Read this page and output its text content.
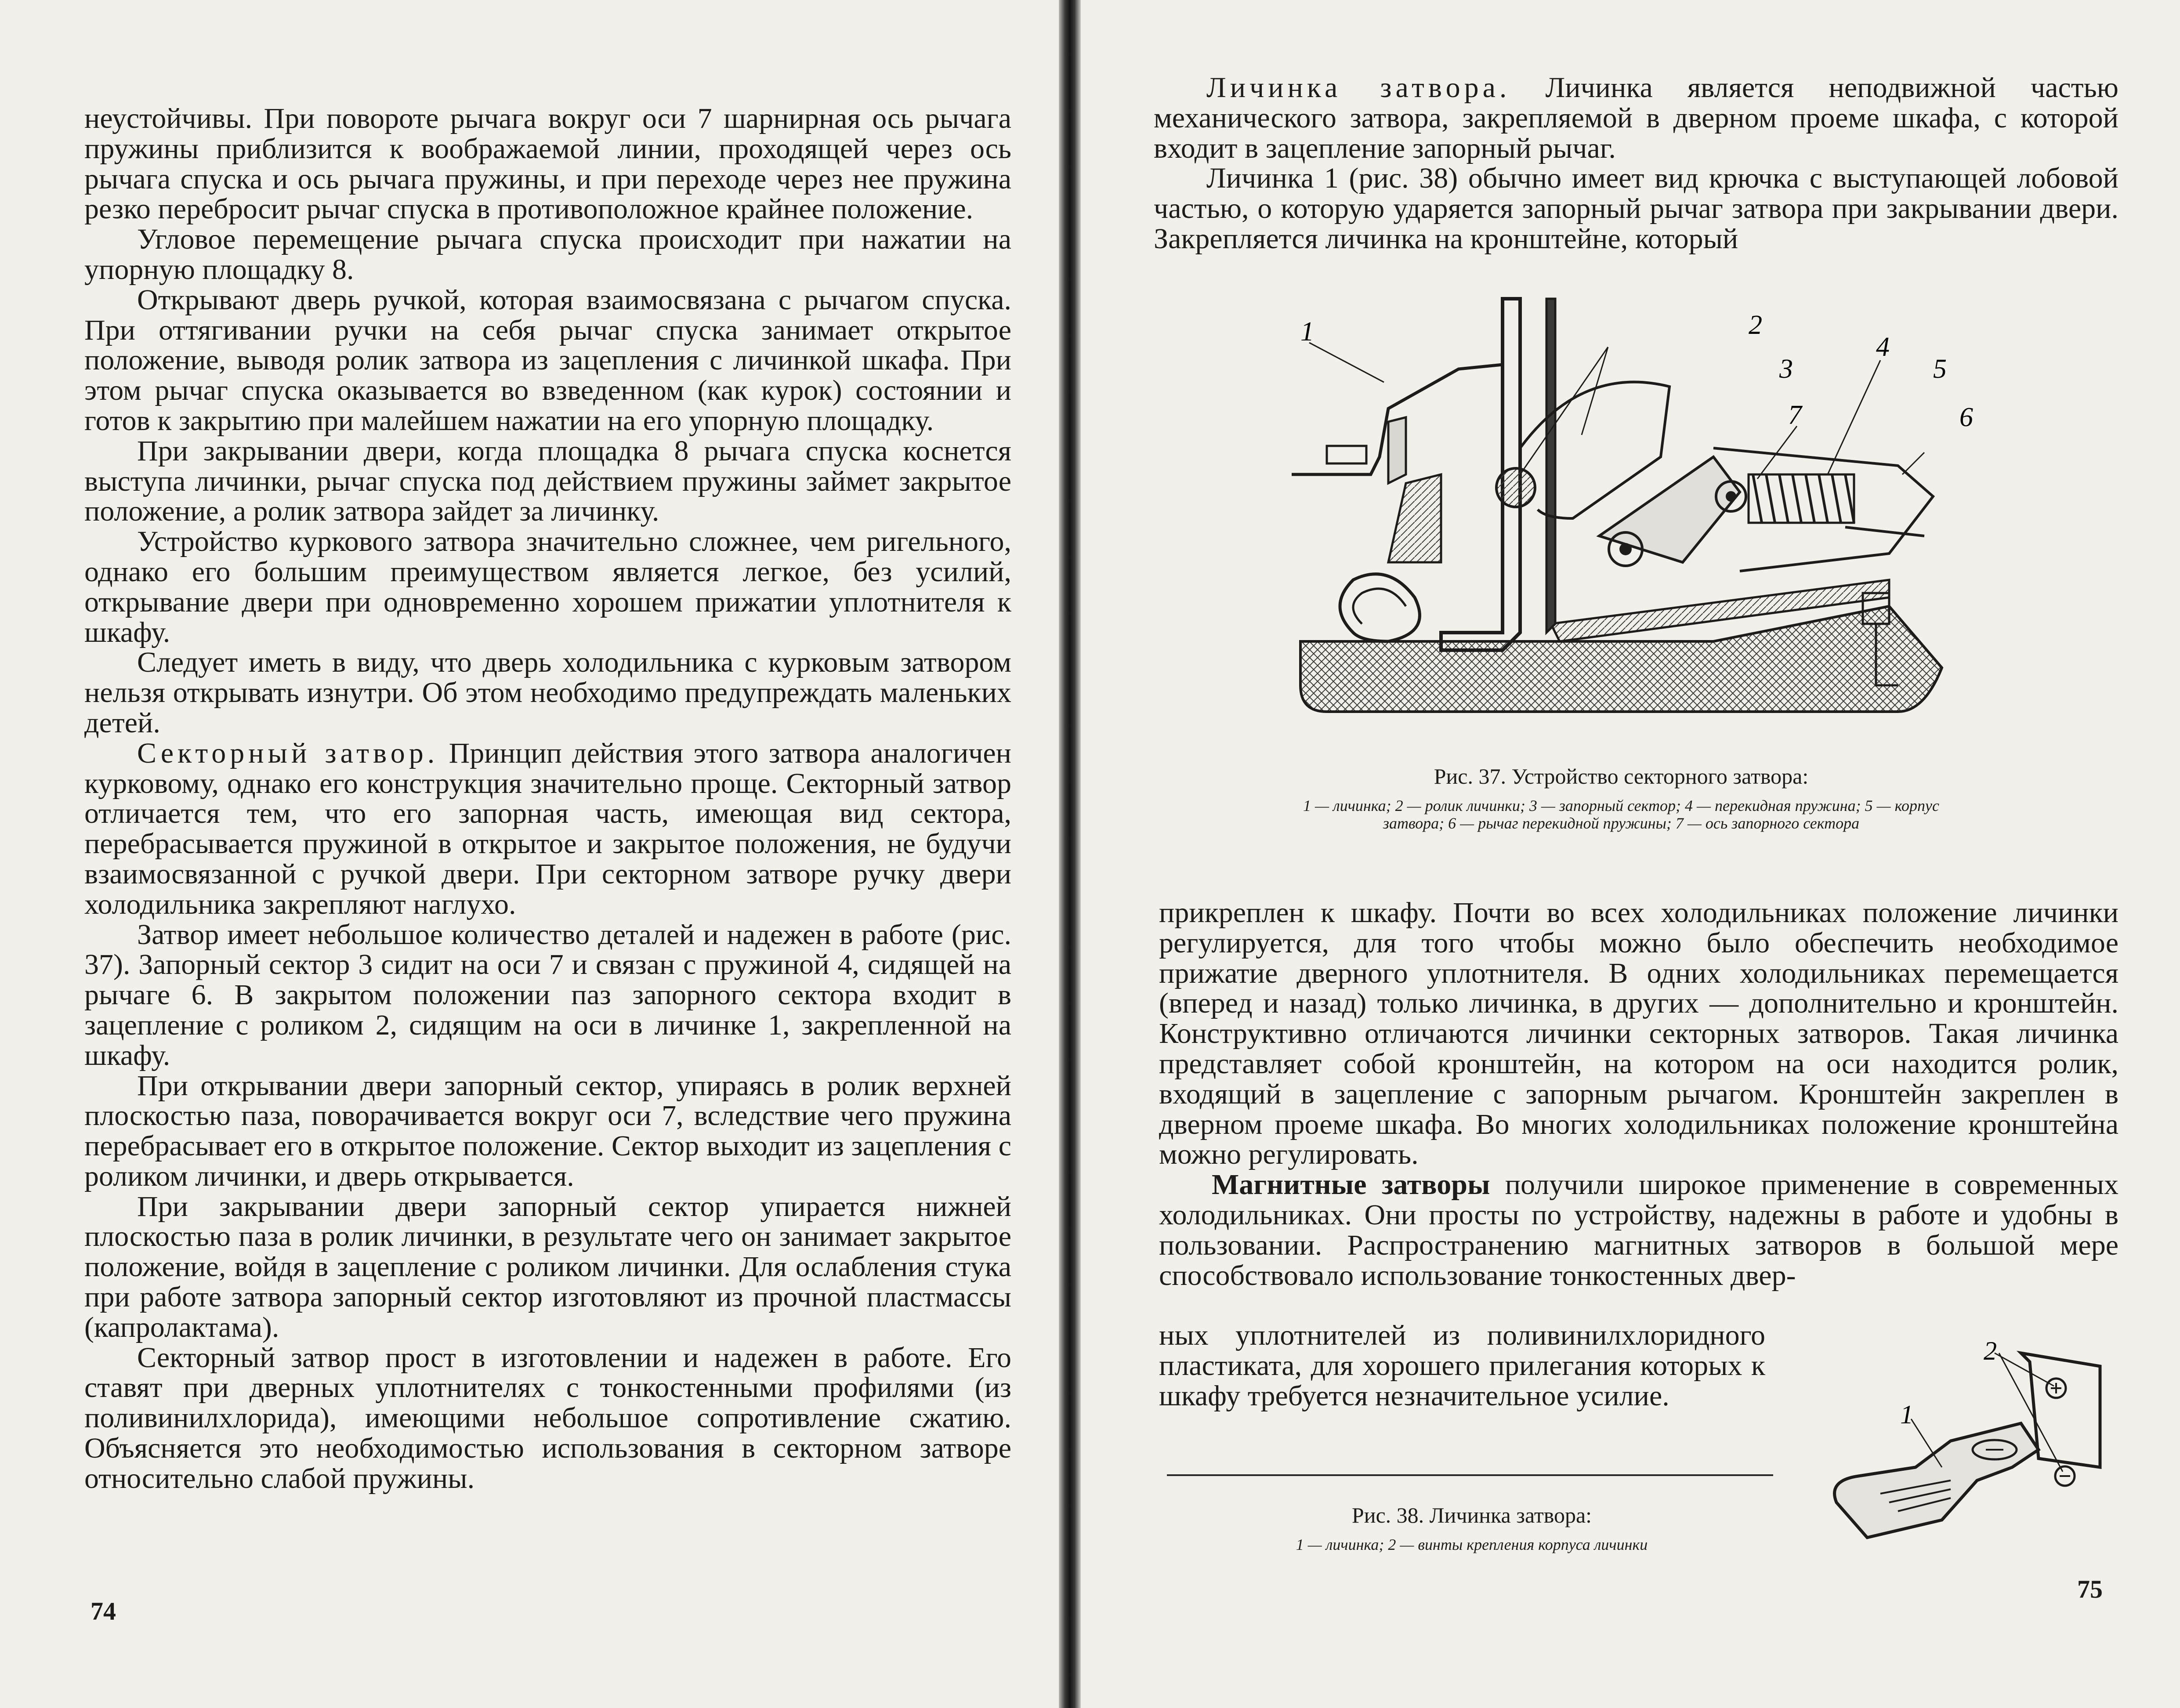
неустойчивы. При повороте рычага вокруг оси 7 шарнирная ось рычага пружины приблизится к воображаемой линии, проходящей через ось рычага спуска и ось рычага пружины, и при переходе через нее пружина резко перебросит рычаг спуска в противоположное крайнее положение.

Угловое перемещение рычага спуска происходит при нажатии на упорную площадку 8.

Открывают дверь ручкой, которая взаимосвязана с рычагом спуска. При оттягивании ручки на себя рычаг спуска занимает открытое положение, выводя ролик затвора из зацепления с личинкой шкафа. При этом рычаг спуска оказывается во взведенном (как курок) состоянии и готов к закрытию при малейшем нажатии на его упорную площадку.

При закрывании двери, когда площадка 8 рычага спуска коснется выступа личинки, рычаг спуска под действием пружины займет закрытое положение, а ролик затвора зайдет за личинку.

Устройство куркового затвора значительно сложнее, чем ригельного, однако его большим преимуществом является легкое, без усилий, открывание двери при одновременно хорошем прижатии уплотнителя к шкафу.

Следует иметь в виду, что дверь холодильника с курковым затвором нельзя открывать изнутри. Об этом необходимо предупреждать маленьких детей.

Секторный затвор. Принцип действия этого затвора аналогичен курковому, однако его конструкция значительно проще. Секторный затвор отличается тем, что его запорная часть, имеющая вид сектора, перебрасывается пружиной в открытое и закрытое положения, не будучи взаимосвязанной с ручкой двери. При секторном затворе ручку двери холодильника закрепляют наглухо.

Затвор имеет небольшое количество деталей и надежен в работе (рис. 37). Запорный сектор 3 сидит на оси 7 и связан с пружиной 4, сидящей на рычаге 6. В закрытом положении паз запорного сектора входит в зацепление с роликом 2, сидящим на оси в личинке 1, закрепленной на шкафу.

При открывании двери запорный сектор, упираясь в ролик верхней плоскостью паза, поворачивается вокруг оси 7, вследствие чего пружина перебрасывает его в открытое положение. Сектор выходит из зацепления с роликом личинки, и дверь открывается.

При закрывании двери запорный сектор упирается нижней плоскостью паза в ролик личинки, в результате чего он занимает закрытое положение, войдя в зацепление с роликом личинки. Для ослабления стука при работе затвора запорный сектор изготовляют из прочной пластмассы (капролактама).

Секторный затвор прост в изготовлении и надежен в работе. Его ставят при дверных уплотнителях с тонкостенными профилями (из поливинилхлорида), имеющими небольшое сопротивление сжатию. Объясняется это необходимостью использования в секторном затворе относительно слабой пружины.

74

Личинка затвора. Личинка является неподвижной частью механического затвора, закрепляемой в дверном проеме шкафа, с которой входит в зацепление запорный рычаг.

Личинка 1 (рис. 38) обычно имеет вид крючка с выступающей лобовой частью, о которую ударяется запорный рычаг затвора при закрывании двери. Закрепляется личинка на кронштейне, который

1	2
3
7
4
5
6
Рис. 37. Устройство секторного затвора:
1 — личинка; 2 — ролик личинки; 3 — запорный сектор; 4 — перекидная пружина; 5 — корпус затвора; 6 — рычаг перекидной пружины; 7 — ось запорного сектора

прикреплен к шкафу. Почти во всех холодильниках положение личинки регулируется, для того чтобы можно было обеспечить необходимое прижатие дверного уплотнителя. В одних холодильниках перемещается (вперед и назад) только личинка, в других — дополнительно и кронштейн. Конструктивно отличаются личинки секторных затворов. Такая личинка представляет собой кронштейн, на котором на оси находится ролик, входящий в зацепление с запорным рычагом. Кронштейн закреплен в дверном проеме шкафа. Во многих холодильниках положение кронштейна можно регулировать.

Магнитные затворы получили широкое применение в современных холодильниках. Они просты по устройству, надежны в работе и удобны в пользовании. Распространению магнитных затворов в большой мере способствовало использование тонкостенных двер-

ных уплотнителей из поливинилхлоридного пластиката, для хорошего прилегания которых к шкафу требуется незначительное усилие.

2
1
Рис. 38. Личинка затвора:
1 — личинка; 2 — винты крепления корпуса личинки
75
